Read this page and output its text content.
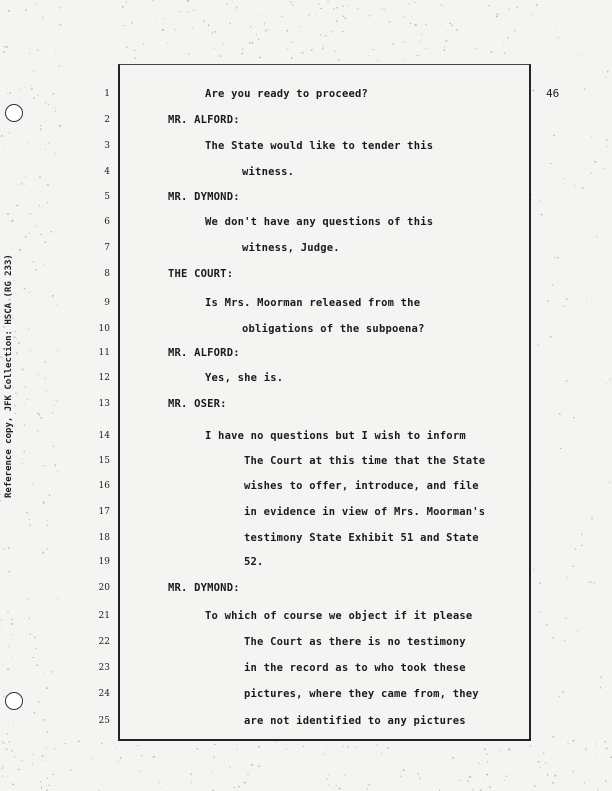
Reference copy, JFK Collection: HSCA (RG 233)
46
1	Are you ready to proceed?
2	MR. ALFORD:
3	The State would like to tender this
4	witness.
5	MR. DYMOND:
6	We don't have any questions of this
7	witness, Judge.
8	THE COURT:
9	Is Mrs. Moorman released from the
10	obligations of the subpoena?
11	MR. ALFORD:
12	Yes, she is.
13	MR. OSER:
14	I have no questions but I wish to inform
15	The Court at this time that the State
16	wishes to offer, introduce, and file
17	in evidence in view of Mrs. Moorman's
18	testimony State Exhibit 51 and State
19	52.
20	MR. DYMOND:
21	To which of course we object if it please
22	The Court as there is no testimony
23	in the record as to who took these
24	pictures, where they came from, they
25	are not identified to any pictures
